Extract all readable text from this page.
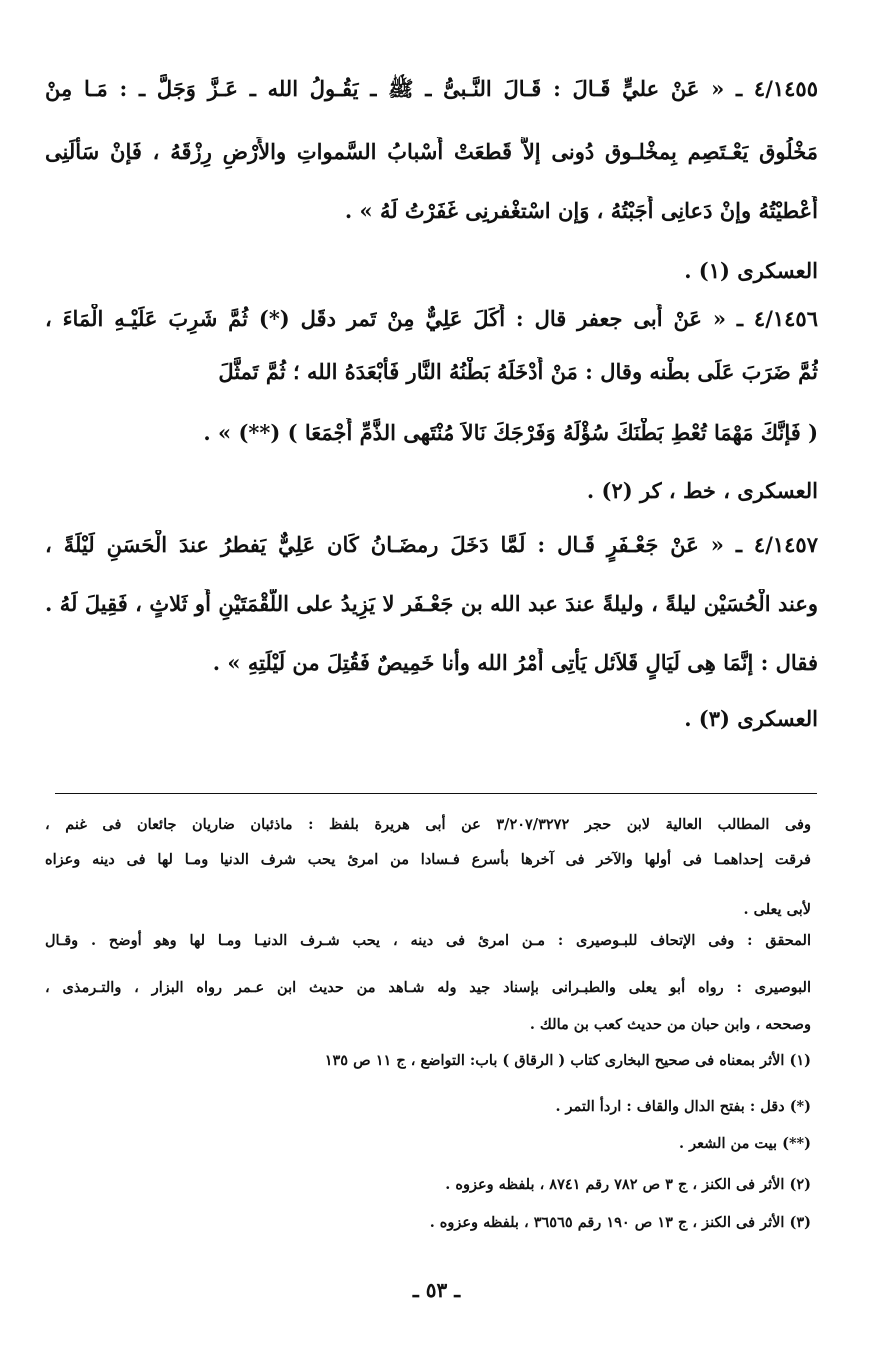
٤/١٤٥٥ ـ « عَنْ عليٍّ قَـالَ : قَـالَ النَّـبىُّ ـ ﷺ ـ يَقُـولُ الله ـ عَـزَّ وَجَلَّ ـ : مَـا مِنْ
مَخْلُوق يَعْـتَصِم بِمخْلـوق دُونى إلاَّ قَطعَتْ أَسْبابُ السَّمواتِ والأَرْضِ رِزْقَهُ ، فَإنْ سَأَلَنِى
أَعْطيْتُهُ وإنْ دَعانِى أَجَبْتُهُ ، وَإن اسْتغْفرنِى غَفَرْتُ لَهُ » .
العسكرى (١) .
٤/١٤٥٦ ـ « عَنْ أَبى جعفر قال : أَكَلَ عَلِيٌّ مِنْ تَمر دقَل (*) ثُمَّ شَرِبَ عَلَيْـهِ الْمَاءَ ،
ثُمَّ ضَرَبَ عَلَى بطْنه وقال : مَنْ أَدْخَلَهُ بَطْنُهُ النَّار فَأَبْعَدَهُ الله ؛ ثُمَّ تَمثَّلَ
( فَإنَّكَ مَهْمَا تُعْطِ بَطْنَكَ سُؤْلَهُ وَفَرْجَكَ نَالاَ مُنْتَهى الذَّمِّ أَجْمَعَا ) (**) » .
العسكرى ، خط ، كر (٢) .
٤/١٤٥٧ ـ « عَنْ جَعْـفَرٍ قَـال : لَمَّا دَخَلَ رمضَـانُ كَان عَلِيٌّ يَفطرُ عندَ الْحَسَنِ لَيْلَةً ،
وعند الْحُسَيْن ليلةً ، وليلةً عندَ عبد الله بن جَعْـفَر لا يَزِيدُ على اللُّقْمَتَيْنِ أَو ثَلاثٍ ، فَقِيلَ لَهُ .
فقال : إنَّمَا هِى لَيَالٍ قَلاَئل يَأْتِى أَمْرُ الله وأنا خَمِيصٌ فَقُتِلَ من لَيْلَتِهِ » .
العسكرى (٣) .
وفى المطالب العالية لابن حجر ٣/٢٠٧/٣٢٧٢ عن أبى هريرة بلفظ : ماذئبان ضاريان جائعان فى غنم ،
فرقت إحداهمـا فى أولها والآخر فى آخرها بأسرع فـسادا من امرئ يحب شرف الدنيا ومـا لها فى دينه وعزاه
لأبى يعلى .
المحقق : وفى الإتحاف للبـوصيرى : مـن امرئ فى دينه ، يحب شـرف الدنيـا ومـا لها وهو أوضح . وقـال
البوصيرى : رواه أبو يعلى والطبـرانى بإسناد جيد وله شـاهد من حديث ابن عـمر رواه البزار ، والتـرمذى ،
وصححه ، وابن حبان من حديث كعب بن مالك .
(١) الأثر بمعناه فى صحيح البخارى كتاب ( الرقاق ) باب: التواضع ، ج ١١ ص ١٣٥
(*) دقل : بفتح الدال والقاف : اردأ التمر .
(**) بيت من الشعر .
(٢) الأثر فى الكنز ، ج ٣ ص ٧٨٢ رقم ٨٧٤١ ، بلفظه وعزوه .
(٣) الأثر فى الكنز ، ج ١٣ ص ١٩٠ رقم ٣٦٥٦٥ ، بلفظه وعزوه .
ـ ٥٣ ـ
